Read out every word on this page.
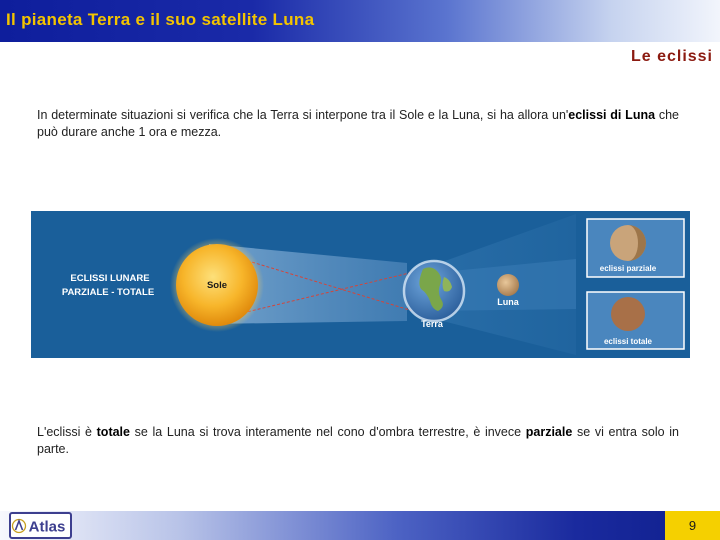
Il pianeta Terra e il suo satellite Luna
Le eclissi
In determinate situazioni si verifica che la Terra si interpone tra il Sole e la Luna, si ha allora un'eclissi di Luna che può durare anche 1 ora e mezza.
ECLISSI LUNARE
PARZIALE - TOTALE
Sole
Luna
Terra
eclissi parziale
eclissi totale
L'eclissi è totale se la Luna si trova interamente nel cono d'ombra terrestre, è invece parziale se vi entra solo in parte.
Atlas	9
